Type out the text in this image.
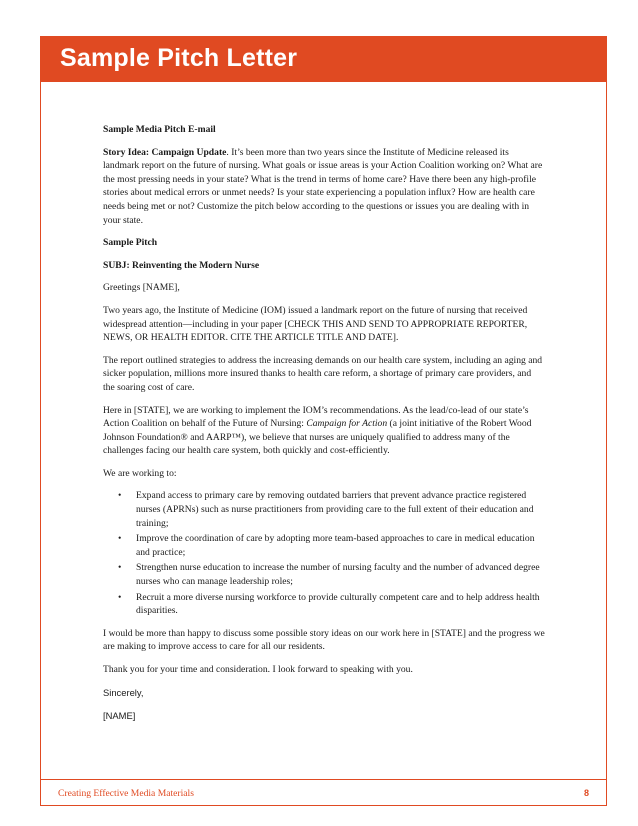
Sample Pitch Letter

Sample Media Pitch E-mail

Story Idea: Campaign Update. It’s been more than two years since the Institute of Medicine released its landmark report on the future of nursing. What goals or issue areas is your Action Coalition working on? What are the most pressing needs in your state? What is the trend in terms of home care? Have there been any high-profile stories about medical errors or unmet needs? Is your state experiencing a population influx? How are health care needs being met or not? Customize the pitch below according to the questions or issues you are dealing with in your state.

Sample Pitch

SUBJ: Reinventing the Modern Nurse

Greetings [NAME],

Two years ago, the Institute of Medicine (IOM) issued a landmark report on the future of nursing that received widespread attention—including in your paper [CHECK THIS AND SEND TO APPROPRIATE REPORTER, NEWS, OR HEALTH EDITOR. CITE THE ARTICLE TITLE AND DATE].

The report outlined strategies to address the increasing demands on our health care system, including an aging and sicker population, millions more insured thanks to health care reform, a shortage of primary care providers, and the soaring cost of care.

Here in [STATE], we are working to implement the IOM’s recommendations. As the lead/co-lead of our state’s Action Coalition on behalf of the Future of Nursing: Campaign for Action (a joint initiative of the Robert Wood Johnson Foundation® and AARP™), we believe that nurses are uniquely qualified to address many of the challenges facing our health care system, both quickly and cost-efficiently.

We are working to:

• Expand access to primary care by removing outdated barriers that prevent advance practice registered nurses (APRNs) such as nurse practitioners from providing care to the full extent of their education and training;
• Improve the coordination of care by adopting more team-based approaches to care in medical education and practice;
• Strengthen nurse education to increase the number of nursing faculty and the number of advanced degree nurses who can manage leadership roles;
• Recruit a more diverse nursing workforce to provide culturally competent care and to help address health disparities.

I would be more than happy to discuss some possible story ideas on our work here in [STATE] and the progress we are making to improve access to care for all our residents.

Thank you for your time and consideration. I look forward to speaking with you.

Sincerely,

[NAME]

Creating Effective Media Materials	8
